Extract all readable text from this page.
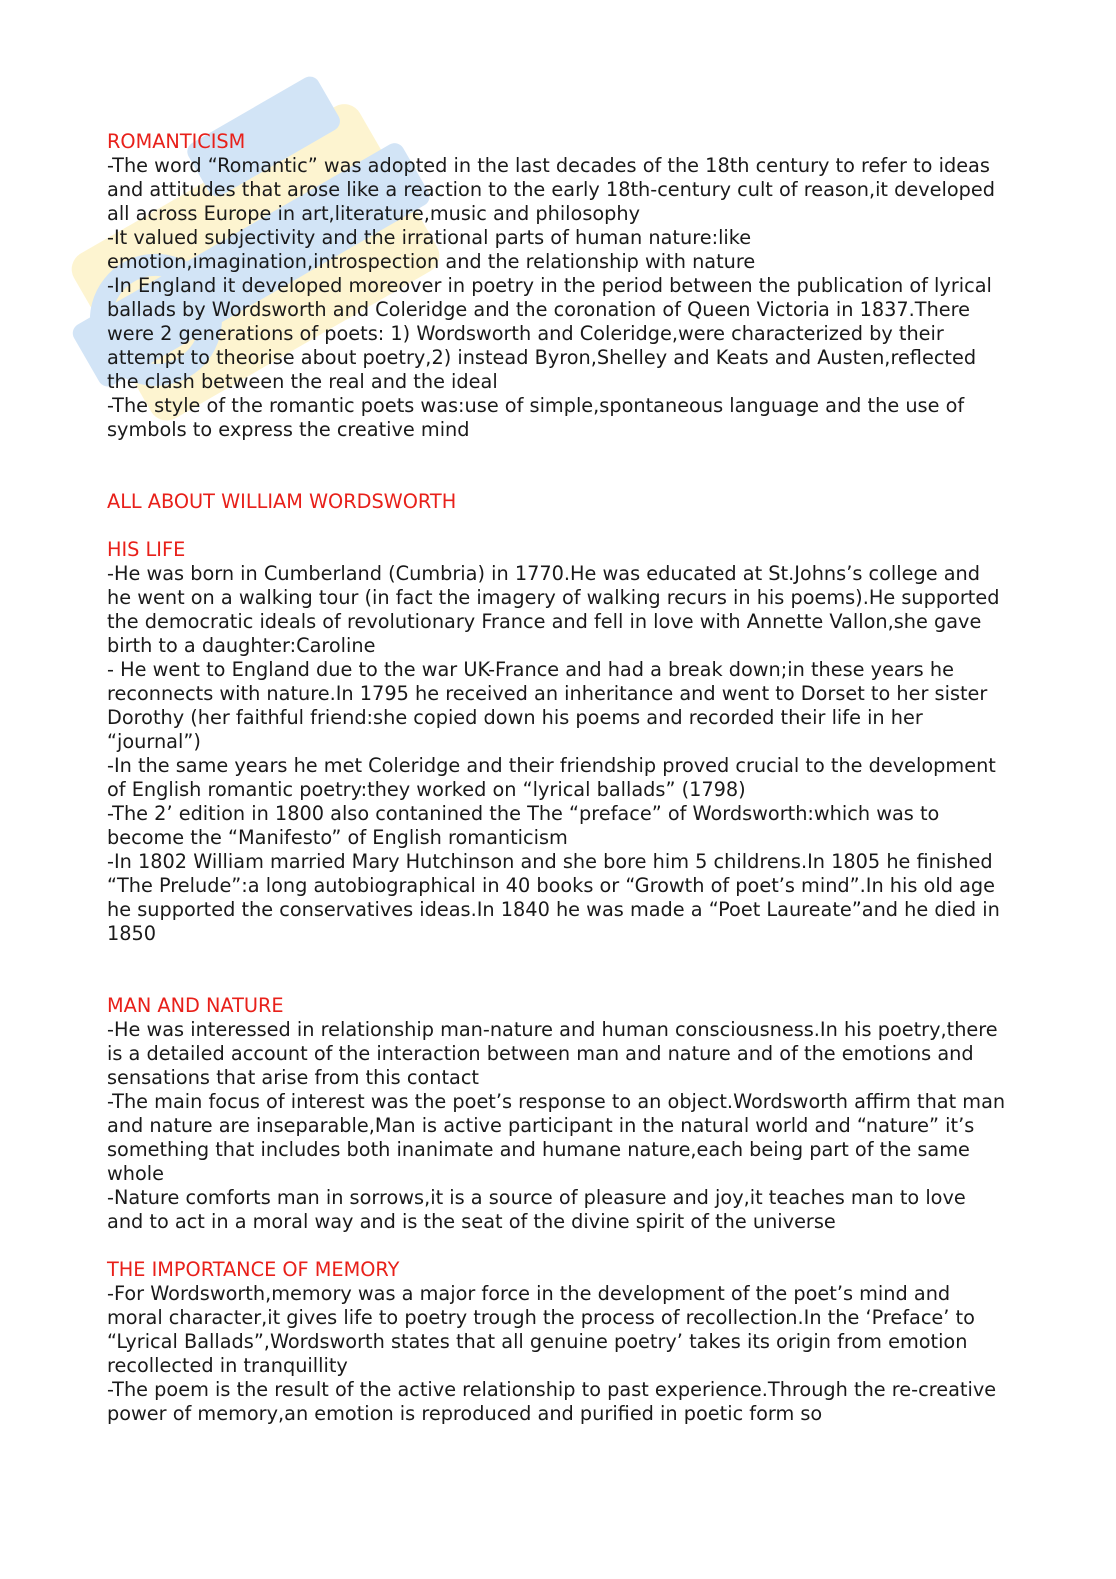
ROMANTICISM

-The word “Romantic” was adopted in the last decades of the 18th century to refer to ideas and attitudes that arose like a reaction to the early 18th-century cult of reason,it developed all across Europe in art,literature,music and philosophy

-It valued subjectivity and the irrational parts of human nature:like emotion,imagination,introspection and the relationship with nature

-In England it developed moreover in poetry in the period between the publication of lyrical ballads by Wordsworth and Coleridge and the coronation of Queen Victoria in 1837.There were 2 generations of poets: 1) Wordsworth and Coleridge,were characterized by their attempt to theorise about poetry,2) instead Byron,Shelley and Keats and Austen,reflected the clash between the real and the ideal

-The style of the romantic poets was:use of simple,spontaneous language and the use of symbols to express the creative mind

ALL ABOUT WILLIAM WORDSWORTH

HIS LIFE

-He was born in Cumberland (Cumbria) in 1770.He was educated at St.Johns’s college and he went on a walking tour (in fact the imagery of walking recurs in his poems).He supported the democratic ideals of revolutionary France and fell in love with Annette Vallon,she gave birth to a daughter:Caroline

- He went to England due to the war UK-France and had a break down;in these years he reconnects with nature.In 1795 he received an inheritance and went to Dorset to her sister Dorothy (her faithful friend:she copied down his poems and recorded their life in her “journal”)

-In the same years he met Coleridge and their friendship proved crucial to the development of English romantic poetry:they worked on “lyrical ballads” (1798)

-The 2’ edition in 1800 also contanined the The “preface” of Wordsworth:which was to become the “Manifesto” of English romanticism

-In 1802 William married Mary Hutchinson and she bore him 5 childrens.In 1805 he finished “The Prelude”:a long autobiographical in 40 books or “Growth of poet’s mind”.In his old age he supported the conservatives ideas.In 1840 he was made a “Poet Laureate”and he died in 1850

MAN AND NATURE

-He was interessed in relationship man-nature and human consciousness.In his poetry,there is a detailed account of the interaction between man and nature and of the emotions and sensations that arise from this contact

-The main focus of interest was the poet’s response to an object.Wordsworth affirm that man and nature are inseparable,Man is active participant in the natural world and “nature” it’s something that includes both inanimate and humane nature,each being part of the same whole

-Nature comforts man in sorrows,it is a source of pleasure and joy,it teaches man to love and to act in a moral way and is the seat of the divine spirit of the universe

THE IMPORTANCE OF MEMORY

-For Wordsworth,memory was a major force in the development of the poet’s mind and moral character,it gives life to poetry trough the process of recollection.In the ‘Preface’ to “Lyrical Ballads”,Wordsworth states that all genuine poetry’ takes its origin from emotion recollected in tranquillity

-The poem is the result of the active relationship to past experience.Through the re-creative power of memory,an emotion is reproduced and purified in poetic form so
